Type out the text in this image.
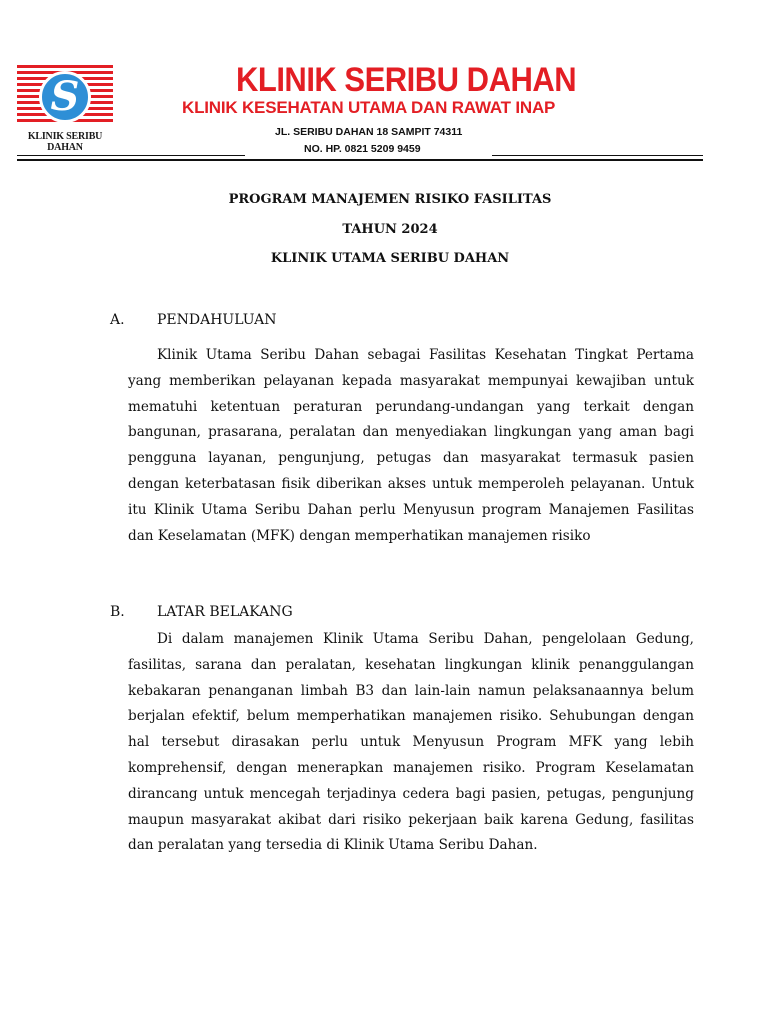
S
KLINIK SERIBU DAHAN
KLINIK SERIBU DAHAN
KLINIK KESEHATAN UTAMA DAN RAWAT INAP
JL. SERIBU DAHAN 18 SAMPIT 74311
NO. HP. 0821 5209 9459
PROGRAM MANAJEMEN RISIKO FASILITAS
TAHUN 2024
KLINIK UTAMA SERIBU DAHAN
A. PENDAHULUAN

Klinik Utama Seribu Dahan sebagai Fasilitas Kesehatan Tingkat Pertama yang memberikan pelayanan kepada masyarakat mempunyai kewajiban untuk mematuhi ketentuan peraturan perundang-undangan yang terkait dengan bangunan, prasarana, peralatan dan menyediakan lingkungan yang aman bagi pengguna layanan, pengunjung, petugas dan masyarakat termasuk pasien dengan keterbatasan fisik diberikan akses untuk memperoleh pelayanan. Untuk itu Klinik Utama Seribu Dahan perlu Menyusun program Manajemen Fasilitas dan Keselamatan (MFK) dengan memperhatikan manajemen risiko

B. LATAR BELAKANG

Di dalam manajemen Klinik Utama Seribu Dahan, pengelolaan Gedung, fasilitas, sarana dan peralatan, kesehatan lingkungan klinik penanggulangan kebakaran penanganan limbah B3 dan lain-lain namun pelaksanaannya belum berjalan efektif, belum memperhatikan manajemen risiko. Sehubungan dengan hal tersebut dirasakan perlu untuk Menyusun Program MFK yang lebih komprehensif, dengan menerapkan manajemen risiko. Program Keselamatan dirancang untuk mencegah terjadinya cedera bagi pasien, petugas, pengunjung maupun masyarakat akibat dari risiko pekerjaan baik karena Gedung, fasilitas dan peralatan yang tersedia di Klinik Utama Seribu Dahan.
